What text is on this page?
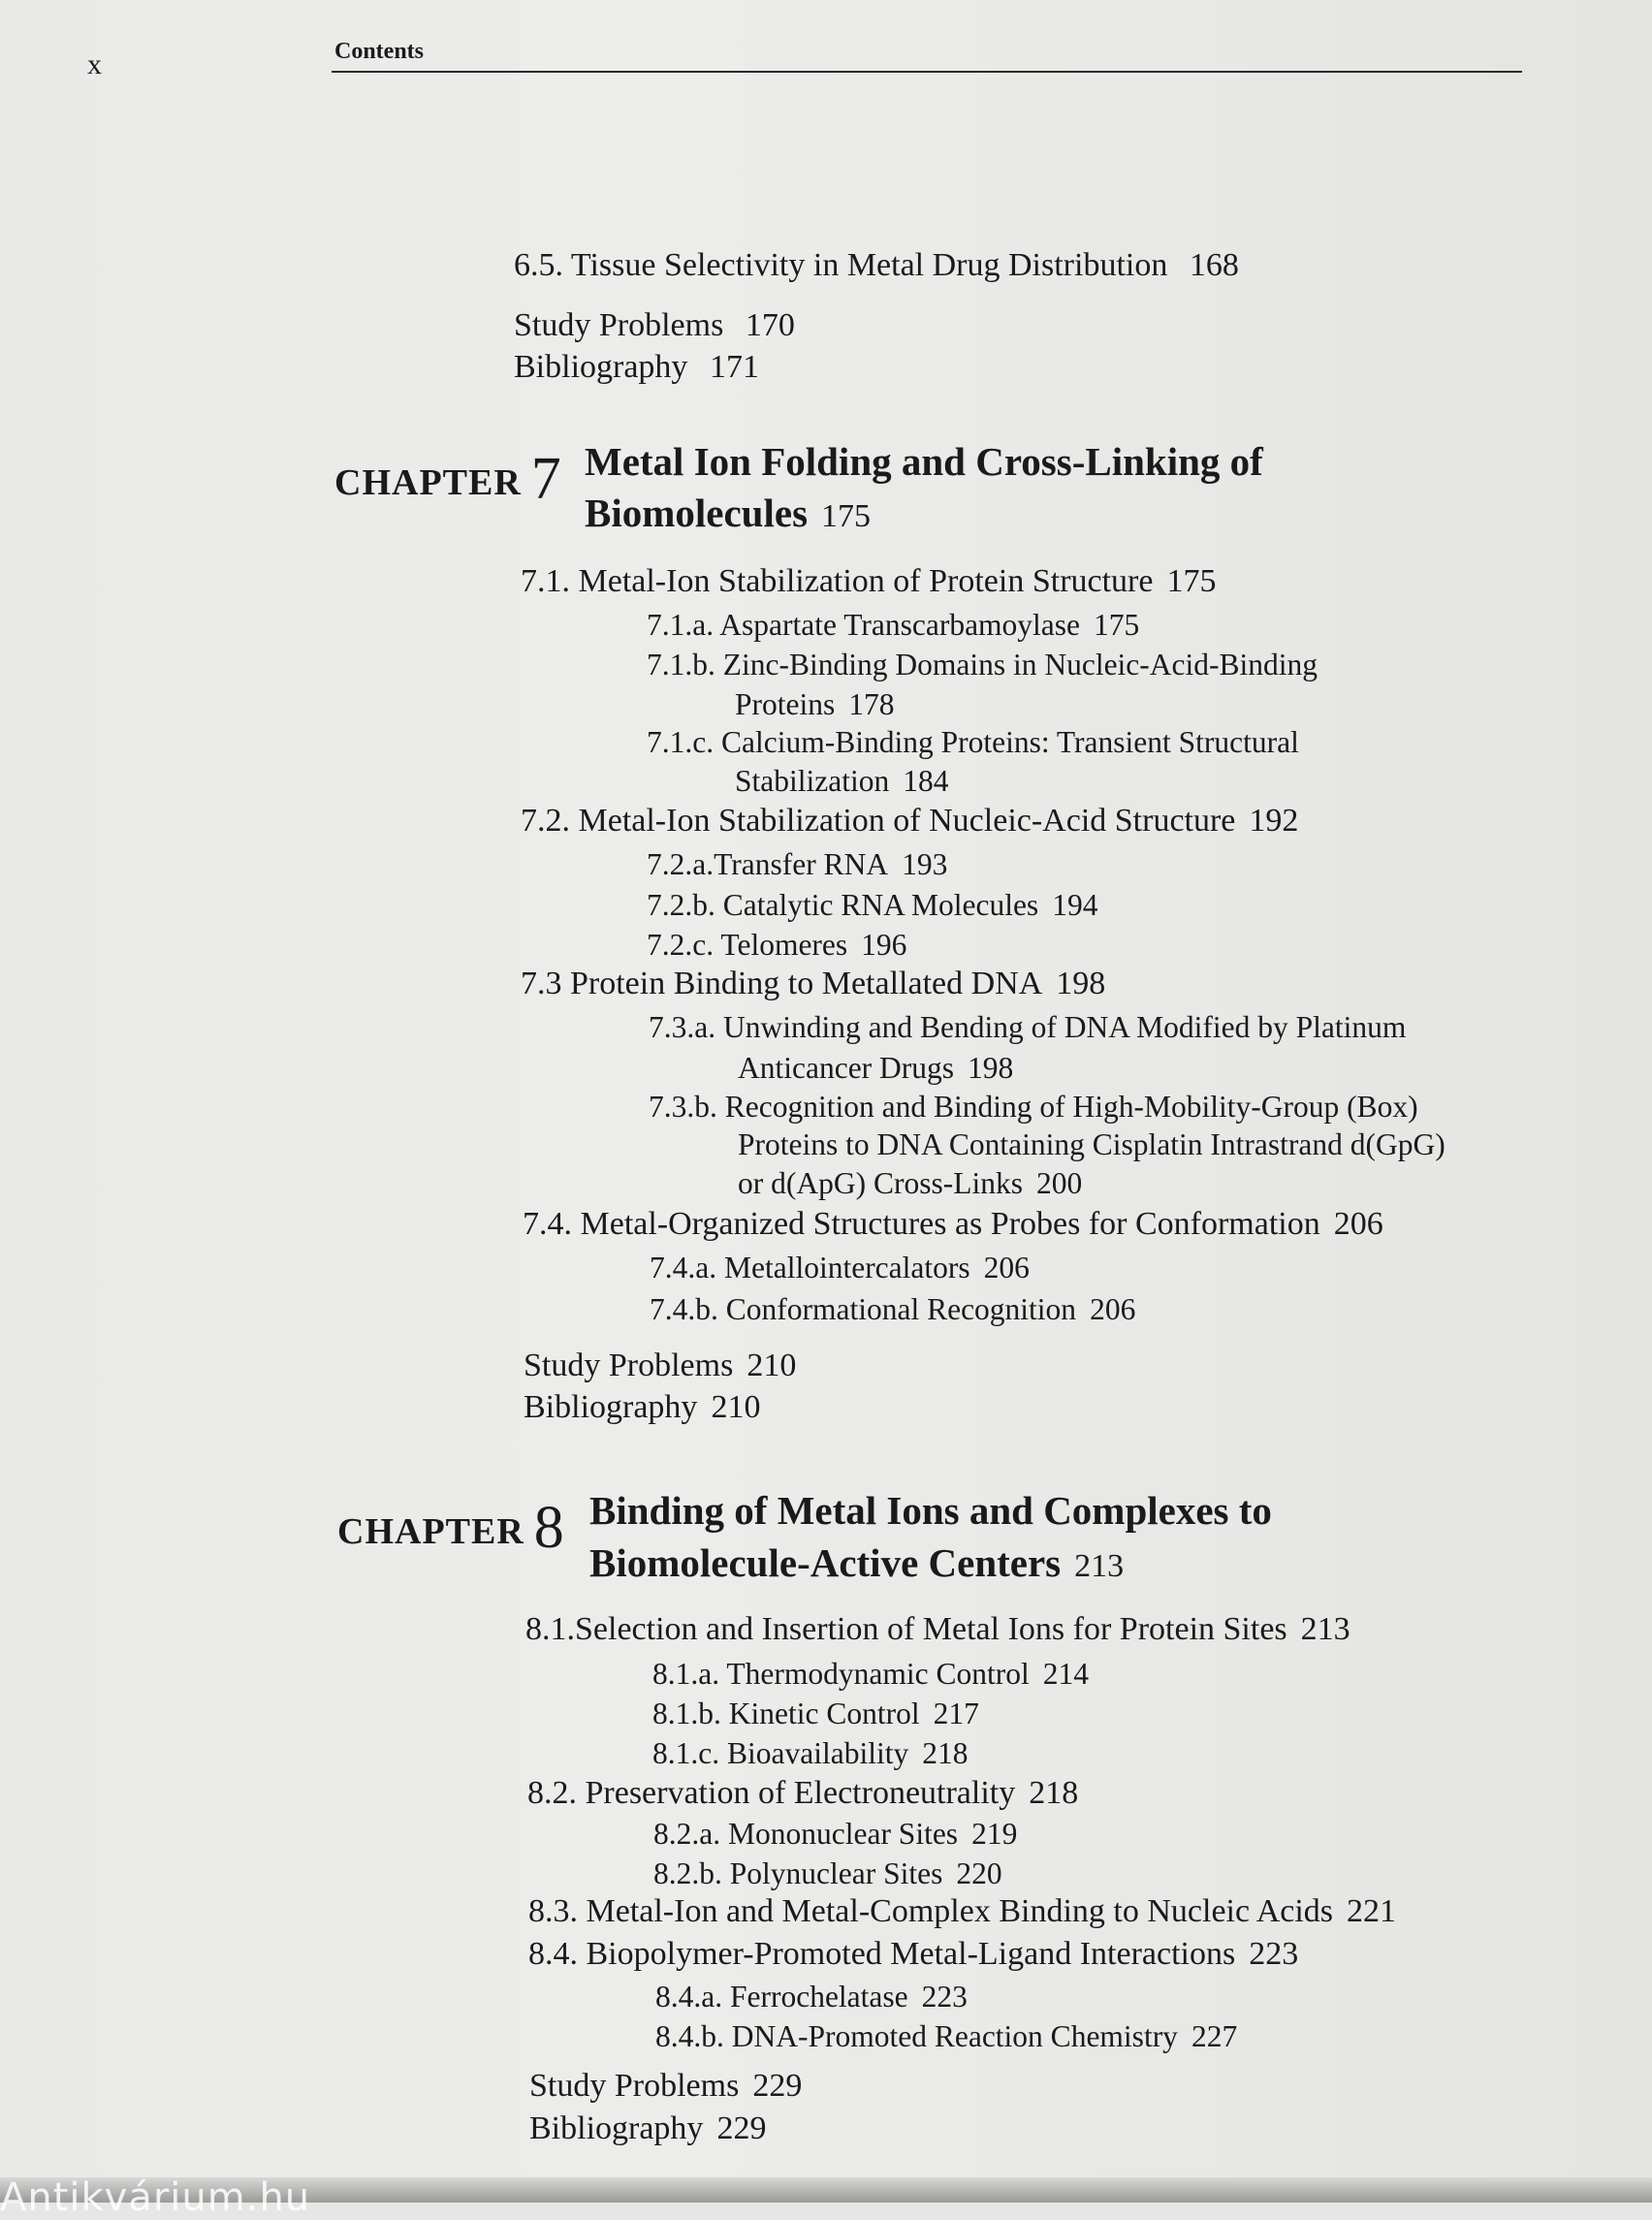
x	Contents
6.5. Tissue Selectivity in Metal Drug Distribution 168
Study Problems 170
Bibliography 171
CHAPTER 7 Metal Ion Folding and Cross-Linking of
Biomolecules 175
7.1. Metal-Ion Stabilization of Protein Structure 175
7.1.a. Aspartate Transcarbamoylase 175
7.1.b. Zinc-Binding Domains in Nucleic-Acid-Binding
Proteins 178
7.1.c. Calcium-Binding Proteins: Transient Structural
Stabilization 184
7.2. Metal-Ion Stabilization of Nucleic-Acid Structure 192
7.2.a.Transfer RNA 193
7.2.b. Catalytic RNA Molecules 194
7.2.c. Telomeres 196
7.3 Protein Binding to Metallated DNA 198
7.3.a. Unwinding and Bending of DNA Modified by Platinum
Anticancer Drugs 198
7.3.b. Recognition and Binding of High-Mobility-Group (Box)
Proteins to DNA Containing Cisplatin Intrastrand d(GpG)
or d(ApG) Cross-Links 200
7.4. Metal-Organized Structures as Probes for Conformation 206
7.4.a. Metallointercalators 206
7.4.b. Conformational Recognition 206
Study Problems 210
Bibliography 210
CHAPTER 8 Binding of Metal Ions and Complexes to
Biomolecule-Active Centers 213
8.1.Selection and Insertion of Metal Ions for Protein Sites 213
8.1.a. Thermodynamic Control 214
8.1.b. Kinetic Control 217
8.1.c. Bioavailability 218
8.2. Preservation of Electroneutrality 218
8.2.a. Mononuclear Sites 219
8.2.b. Polynuclear Sites 220
8.3. Metal-Ion and Metal-Complex Binding to Nucleic Acids 221
8.4. Biopolymer-Promoted Metal-Ligand Interactions 223
8.4.a. Ferrochelatase 223
8.4.b. DNA-Promoted Reaction Chemistry 227
Study Problems 229
Bibliography 229
Antikvárium.hu
